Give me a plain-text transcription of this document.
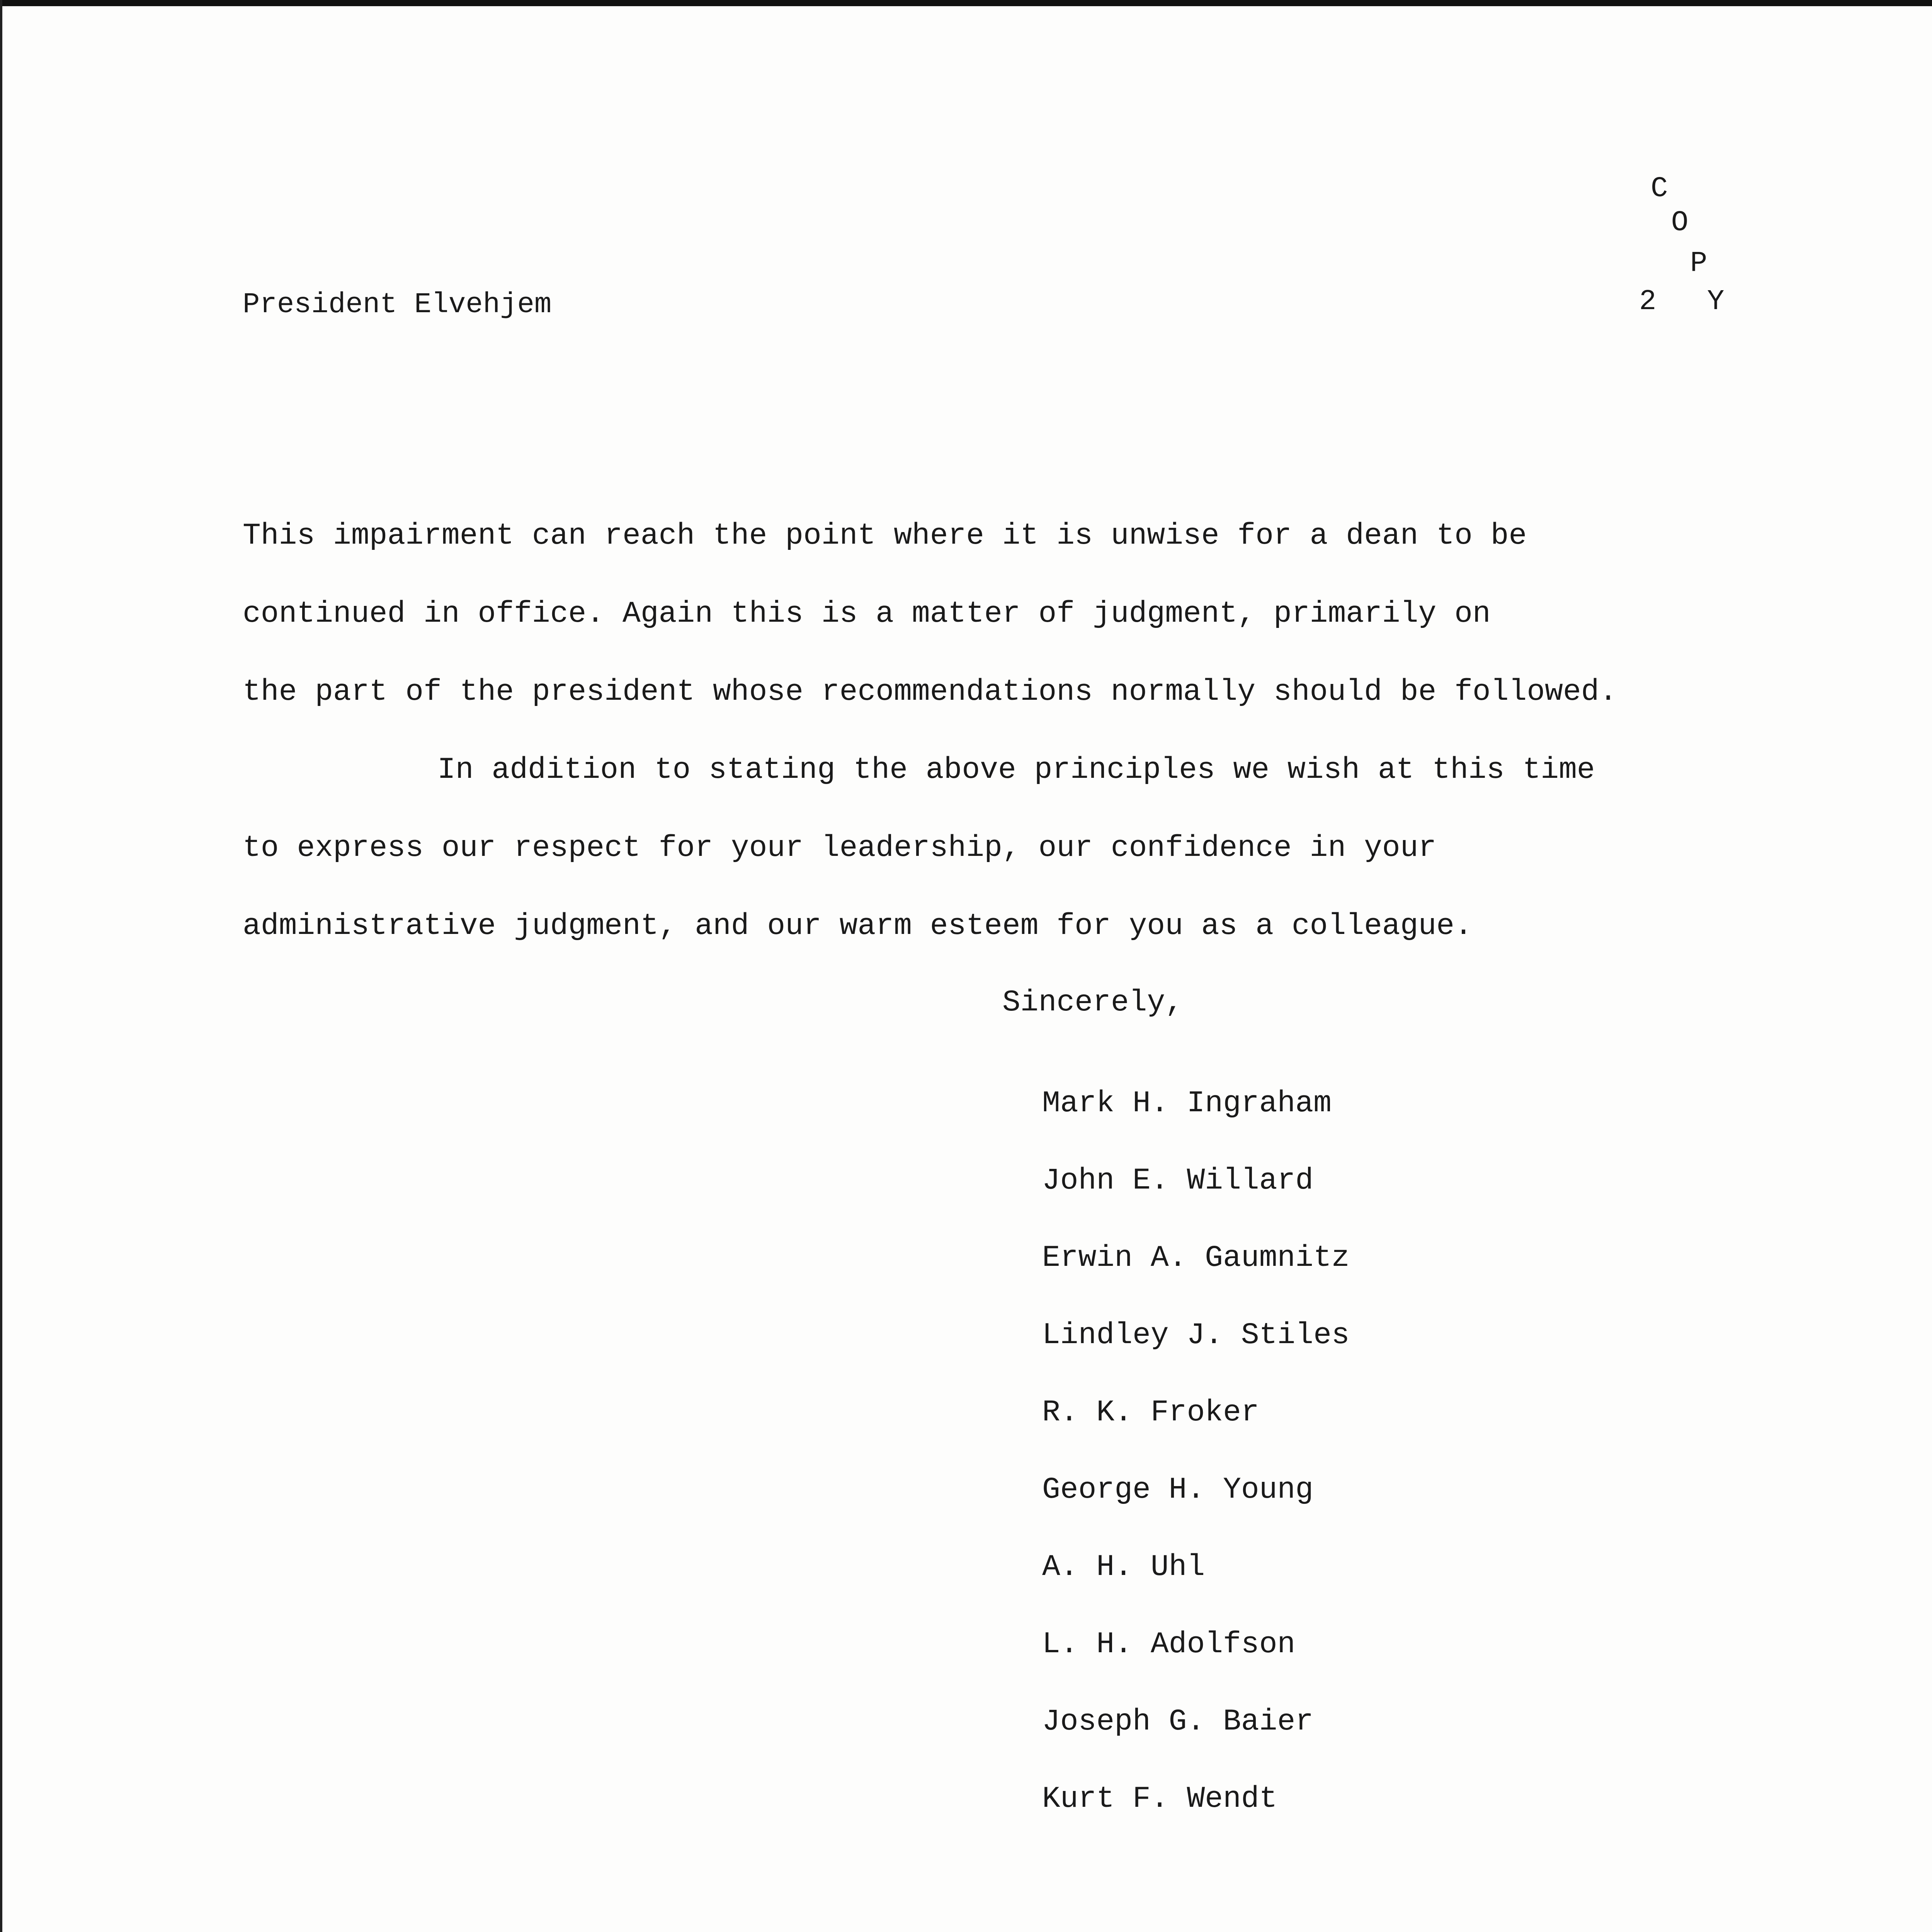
C
O
P
Y
2
President Elvehjem
This impairment can reach the point where it is unwise for a dean to be
continued in office. Again this is a matter of judgment, primarily on
the part of the president whose recommendations normally should be followed.
In addition to stating the above principles we wish at this time
to express our respect for your leadership, our confidence in your
administrative judgment, and our warm esteem for you as a colleague.
Sincerely,
Mark H. Ingraham
John E. Willard
Erwin A. Gaumnitz
Lindley J. Stiles
R. K. Froker
George H. Young
A. H. Uhl
L. H. Adolfson
Joseph G. Baier
Kurt F. Wendt
